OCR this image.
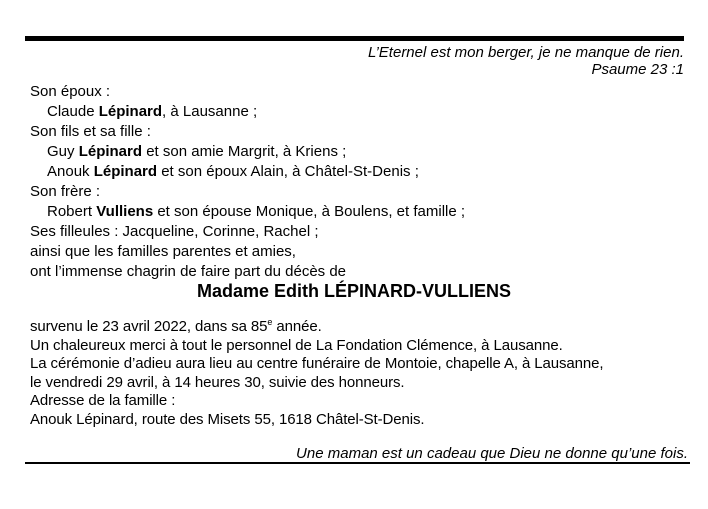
L’Eternel est mon berger, je ne manque de rien.
Psaume 23 :1
Son époux :
Claude Lépinard, à Lausanne ;
Son fils et sa fille :
Guy Lépinard et son amie Margrit, à Kriens ;
Anouk Lépinard et son époux Alain, à Châtel-St-Denis ;
Son frère :
Robert Vulliens et son épouse Monique, à Boulens, et famille ;
Ses filleules : Jacqueline, Corinne, Rachel ;
ainsi que les familles parentes et amies,
ont l’immense chagrin de faire part du décès de
Madame Edith LÉPINARD-VULLIENS
survenu le 23 avril 2022, dans sa 85e année.
Un chaleureux merci à tout le personnel de La Fondation Clémence, à Lausanne.
La cérémonie d’adieu aura lieu au centre funéraire de Montoie, chapelle A, à Lausanne,
le vendredi 29 avril, à 14 heures 30, suivie des honneurs.
Adresse de la famille :
Anouk Lépinard, route des Misets 55, 1618 Châtel-St-Denis.
Une maman est un cadeau que Dieu ne donne qu’une fois.
